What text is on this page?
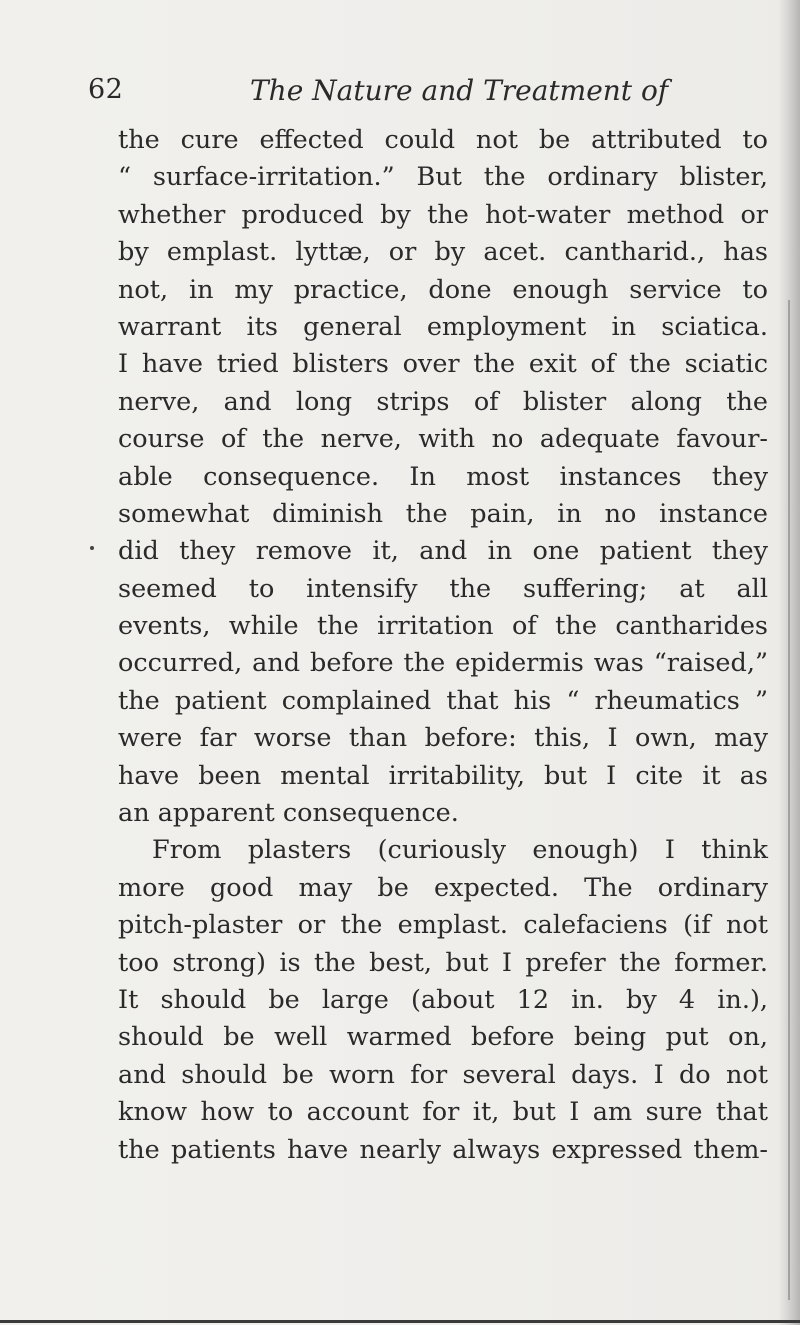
62	The Nature and Treatment of
the cure effected could not be attributed to
“ surface-irritation.” But the ordinary blister,
whether produced by the hot-water method or
by emplast. lyttæ, or by acet. cantharid., has
not, in my practice, done enough service to
warrant its general employment in sciatica.
I have tried blisters over the exit of the sciatic
nerve, and long strips of blister along the
course of the nerve, with no adequate favour-
able consequence. In most instances they
somewhat diminish the pain, in no instance
did they remove it, and in one patient they
seemed to intensify the suffering; at all
events, while the irritation of the cantharides
occurred, and before the epidermis was “raised,”
the patient complained that his “ rheumatics ”
were far worse than before: this, I own, may
have been mental irritability, but I cite it as
an apparent consequence.
From plasters (curiously enough) I think
more good may be expected. The ordinary
pitch-plaster or the emplast. calefaciens (if not
too strong) is the best, but I prefer the former.
It should be large (about 12 in. by 4 in.),
should be well warmed before being put on,
and should be worn for several days. I do not
know how to account for it, but I am sure that
the patients have nearly always expressed them-
